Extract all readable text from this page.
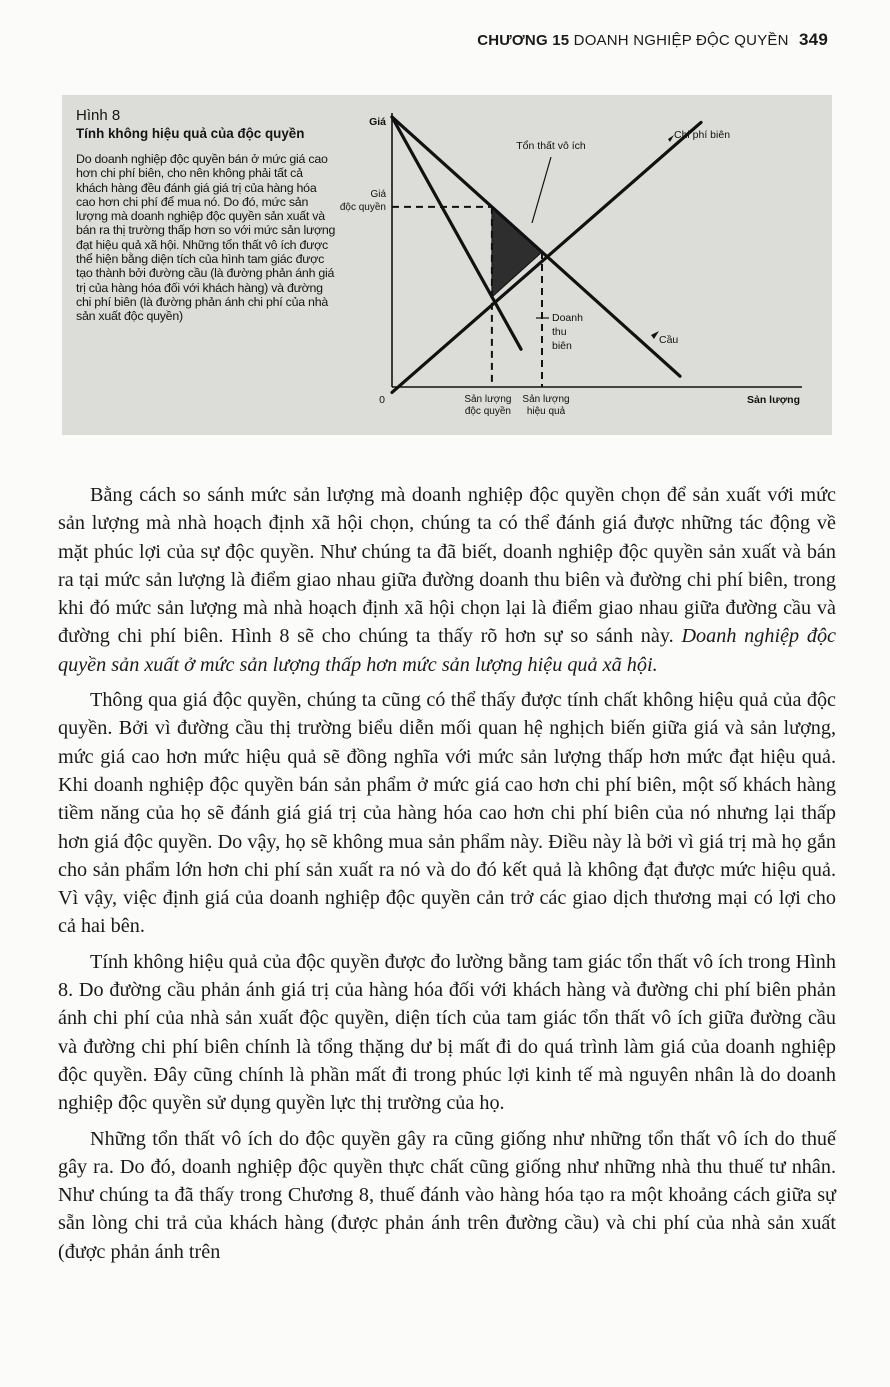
CHƯƠNG 15 DOANH NGHIỆP ĐỘC QUYỀN 349
Hình 8
Tính không hiệu quả của độc quyền
Do doanh nghiệp độc quyền bán ở mức giá cao hơn chi phí biên, cho nên không phải tất cả khách hàng đều đánh giá giá trị của hàng hóa cao hơn chi phí để mua nó. Do đó, mức sản lượng mà doanh nghiệp độc quyền sản xuất và bán ra thị trường thấp hơn so với mức sản lượng đạt hiệu quả xã hội. Những tổn thất vô ích được thể hiện bằng diện tích của hình tam giác được tạo thành bởi đường cầu (là đường phản ánh giá trị của hàng hóa đối với khách hàng) và đường chi phí biên (là đường phản ánh chi phí của nhà sản xuất độc quyền)
Giá
Sản lượng
0
Giá
độc quyền
Sản lượng
độc quyền
Sản lượng
hiệu quả
Chi phí biên
Cầu
Tổn thất vô ích
Doanh
thu
biên

Bằng cách so sánh mức sản lượng mà doanh nghiệp độc quyền chọn để sản xuất với mức sản lượng mà nhà hoạch định xã hội chọn, chúng ta có thể đánh giá được những tác động về mặt phúc lợi của sự độc quyền. Như chúng ta đã biết, doanh nghiệp độc quyền sản xuất và bán ra tại mức sản lượng là điểm giao nhau giữa đường doanh thu biên và đường chi phí biên, trong khi đó mức sản lượng mà nhà hoạch định xã hội chọn lại là điểm giao nhau giữa đường cầu và đường chi phí biên. Hình 8 sẽ cho chúng ta thấy rõ hơn sự so sánh này. Doanh nghiệp độc quyền sản xuất ở mức sản lượng thấp hơn mức sản lượng hiệu quả xã hội.

Thông qua giá độc quyền, chúng ta cũng có thể thấy được tính chất không hiệu quả của độc quyền. Bởi vì đường cầu thị trường biểu diễn mối quan hệ nghịch biến giữa giá và sản lượng, mức giá cao hơn mức hiệu quả sẽ đồng nghĩa với mức sản lượng thấp hơn mức đạt hiệu quả. Khi doanh nghiệp độc quyền bán sản phẩm ở mức giá cao hơn chi phí biên, một số khách hàng tiềm năng của họ sẽ đánh giá giá trị của hàng hóa cao hơn chi phí biên của nó nhưng lại thấp hơn giá độc quyền. Do vậy, họ sẽ không mua sản phẩm này. Điều này là bởi vì giá trị mà họ gắn cho sản phẩm lớn hơn chi phí sản xuất ra nó và do đó kết quả là không đạt được mức hiệu quả. Vì vậy, việc định giá của doanh nghiệp độc quyền cản trở các giao dịch thương mại có lợi cho cả hai bên.

Tính không hiệu quả của độc quyền được đo lường bằng tam giác tổn thất vô ích trong Hình 8. Do đường cầu phản ánh giá trị của hàng hóa đối với khách hàng và đường chi phí biên phản ánh chi phí của nhà sản xuất độc quyền, diện tích của tam giác tổn thất vô ích giữa đường cầu và đường chi phí biên chính là tổng thặng dư bị mất đi do quá trình làm giá của doanh nghiệp độc quyền. Đây cũng chính là phần mất đi trong phúc lợi kinh tế mà nguyên nhân là do doanh nghiệp độc quyền sử dụng quyền lực thị trường của họ.

Những tổn thất vô ích do độc quyền gây ra cũng giống như những tổn thất vô ích do thuế gây ra. Do đó, doanh nghiệp độc quyền thực chất cũng giống như những nhà thu thuế tư nhân. Như chúng ta đã thấy trong Chương 8, thuế đánh vào hàng hóa tạo ra một khoảng cách giữa sự sẵn lòng chi trả của khách hàng (được phản ánh trên đường cầu) và chi phí của nhà sản xuất (được phản ánh trên
